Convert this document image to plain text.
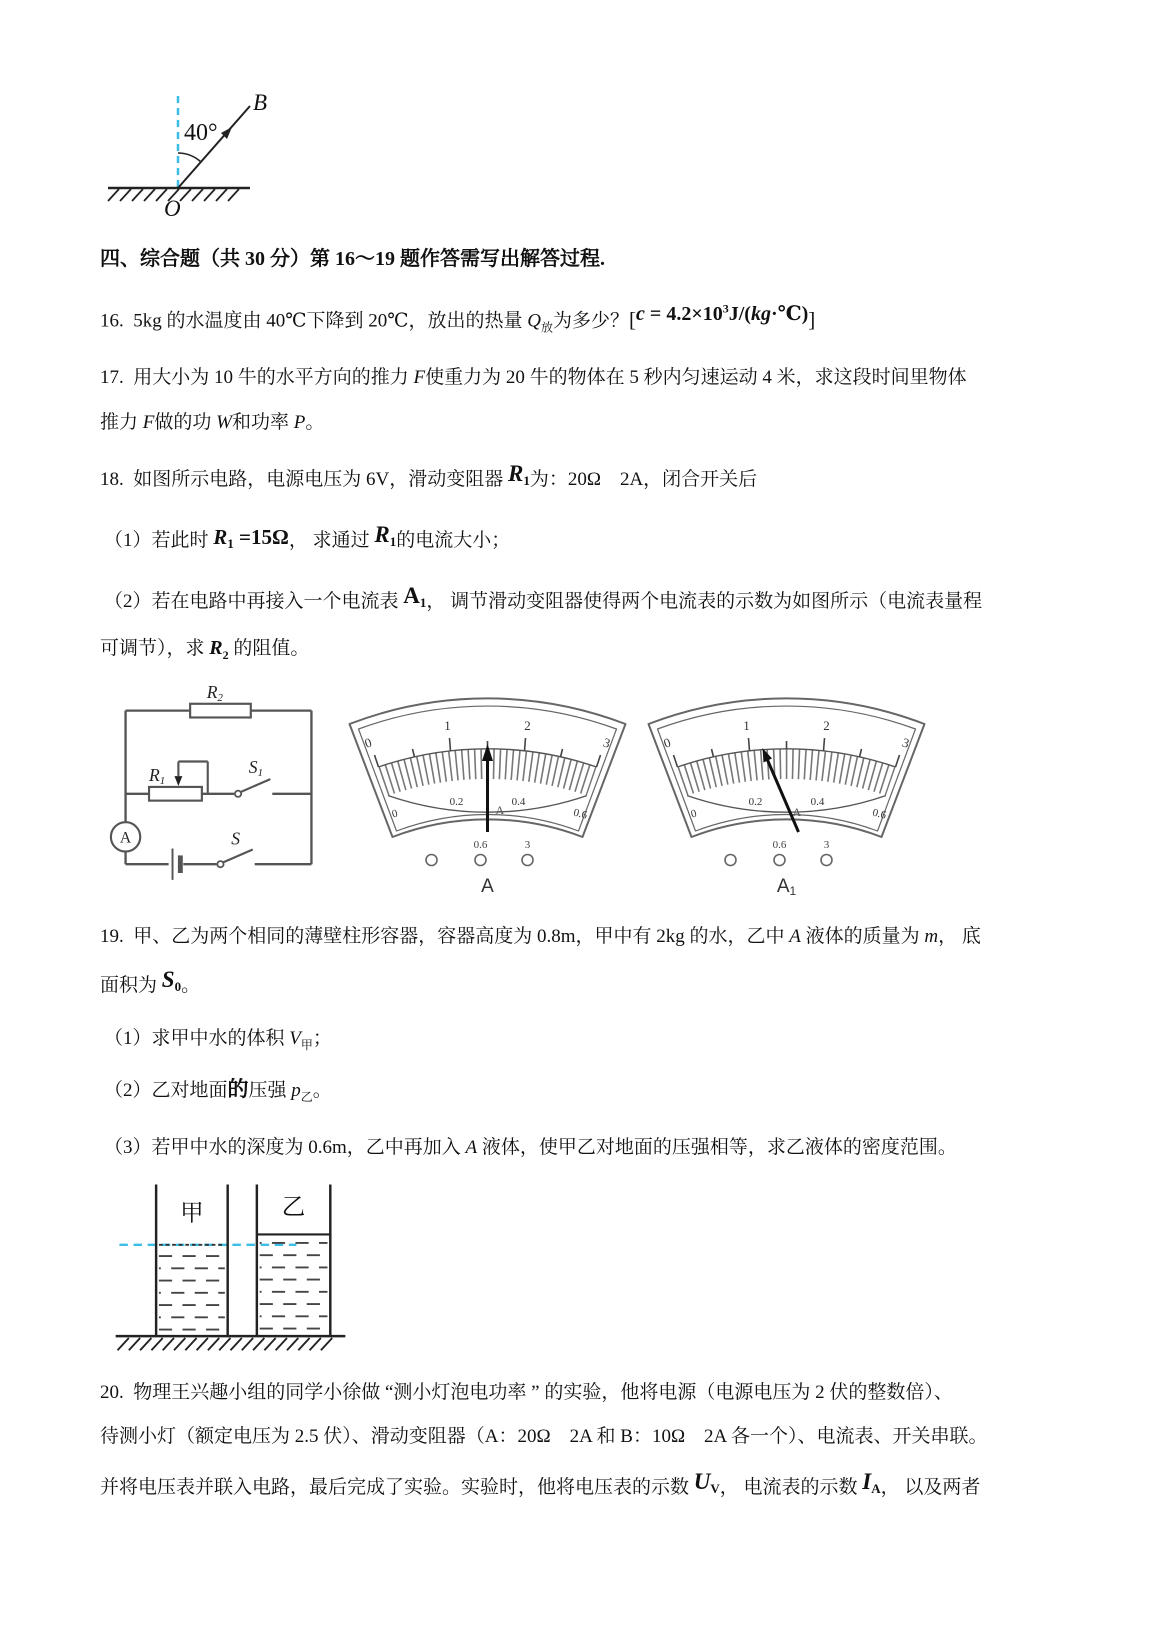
40°
B
O
四、综合题（共 30 分）第 16～19 题作答需写出解答过程.
16. 5kg 的水温度由 40℃下降到 20℃，放出的热量 $Q_放$为多少？$[c = 4.2\times 10^3J/(kg\cdot℃)]$
17. 用大小为 10 牛的水平方向的推力 F使重力为 20 牛的物体在 5 秒内匀速运动 4 米，求这段时间里物体
推力 F做的功 W和功率 P。
18. 如图所示电路，电源电压为 6V，滑动变阻器 R1为：20Ω　2A，闭合开关后
（1）若此时 $R_1 =15\Omega$， 求通过 R1的电流大小；
（2）若在电路中再接入一个电流表 A1， 调节滑动变阻器使得两个电流表的示数为如图所示（电流表量程
可调节），求 $R_2$ 的阻值。
R2
R1
S1
A	S
0
1	2
3
0
0.2	0.4
0.6
A
0.6	3
A
0
1	2
3
0
0.2	0.4
0.6
A
0.6	3
A1
19. 甲、乙为两个相同的薄壁柱形容器，容器高度为 0.8m，甲中有 2kg 的水，乙中 A 液体的质量为 m， 底
面积为 S0。
（1）求甲中水的体积 $V_甲$；
（2）乙对地面的压强 $p_乙$。
（3）若甲中水的深度为 0.6m，乙中再加入 A 液体，使甲乙对地面的压强相等，求乙液体的密度范围。
甲	乙
20. 物理王兴趣小组的同学小徐做 “测小灯泡电功率 ” 的实验，他将电源（电源电压为 2 伏的整数倍）、
待测小灯（额定电压为 2.5 伏）、滑动变阻器（A：20Ω　2A 和 B：10Ω　2A 各一个）、电流表、开关串联。
并将电压表并联入电路，最后完成了实验。实验时，他将电压表的示数 UV， 电流表的示数 IA， 以及两者
